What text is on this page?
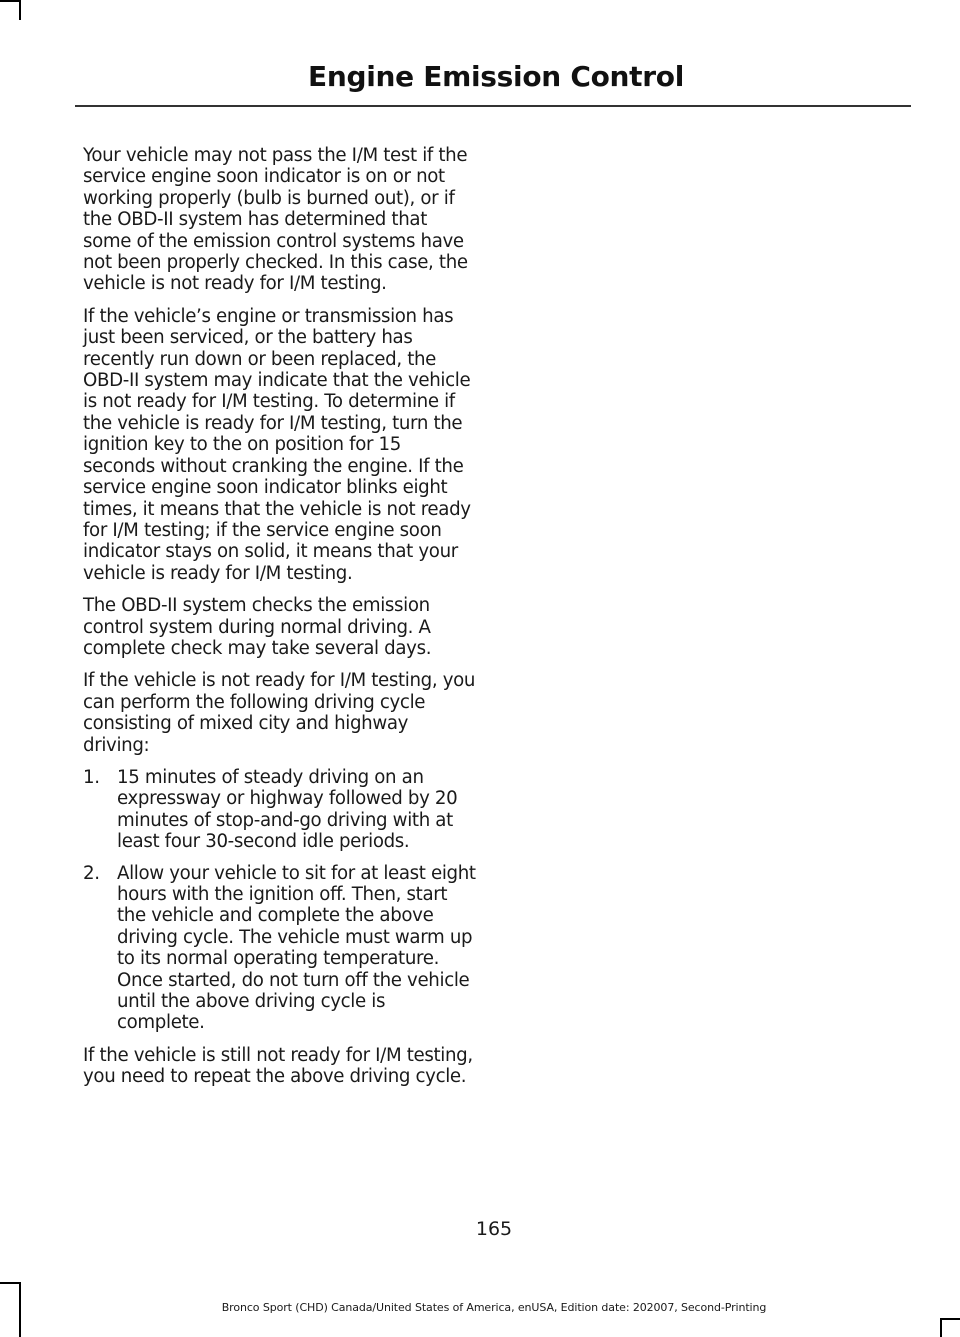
Engine Emission Control

Your vehicle may not pass the I/M test if the service engine soon indicator is on or not working properly (bulb is burned out), or if the OBD-II system has determined that some of the emission control systems have not been properly checked. In this case, the vehicle is not ready for I/M testing.

If the vehicle’s engine or transmission has just been serviced, or the battery has recently run down or been replaced, the OBD-II system may indicate that the vehicle is not ready for I/M testing. To determine if the vehicle is ready for I/M testing, turn the ignition key to the on position for 15 seconds without cranking the engine. If the service engine soon indicator blinks eight times, it means that the vehicle is not ready for I/M testing; if the service engine soon indicator stays on solid, it means that your vehicle is ready for I/M testing.

The OBD-II system checks the emission control system during normal driving. A complete check may take several days.

If the vehicle is not ready for I/M testing, you can perform the following driving cycle consisting of mixed city and highway driving:

1. 15 minutes of steady driving on an expressway or highway followed by 20 minutes of stop-and-go driving with at least four 30-second idle periods.
2. Allow your vehicle to sit for at least eight hours with the ignition off. Then, start the vehicle and complete the above driving cycle. The vehicle must warm up to its normal operating temperature. Once started, do not turn off the vehicle until the above driving cycle is complete.

If the vehicle is still not ready for I/M testing, you need to repeat the above driving cycle.

165
Bronco Sport (CHD) Canada/United States of America, enUSA, Edition date: 202007, Second-Printing
